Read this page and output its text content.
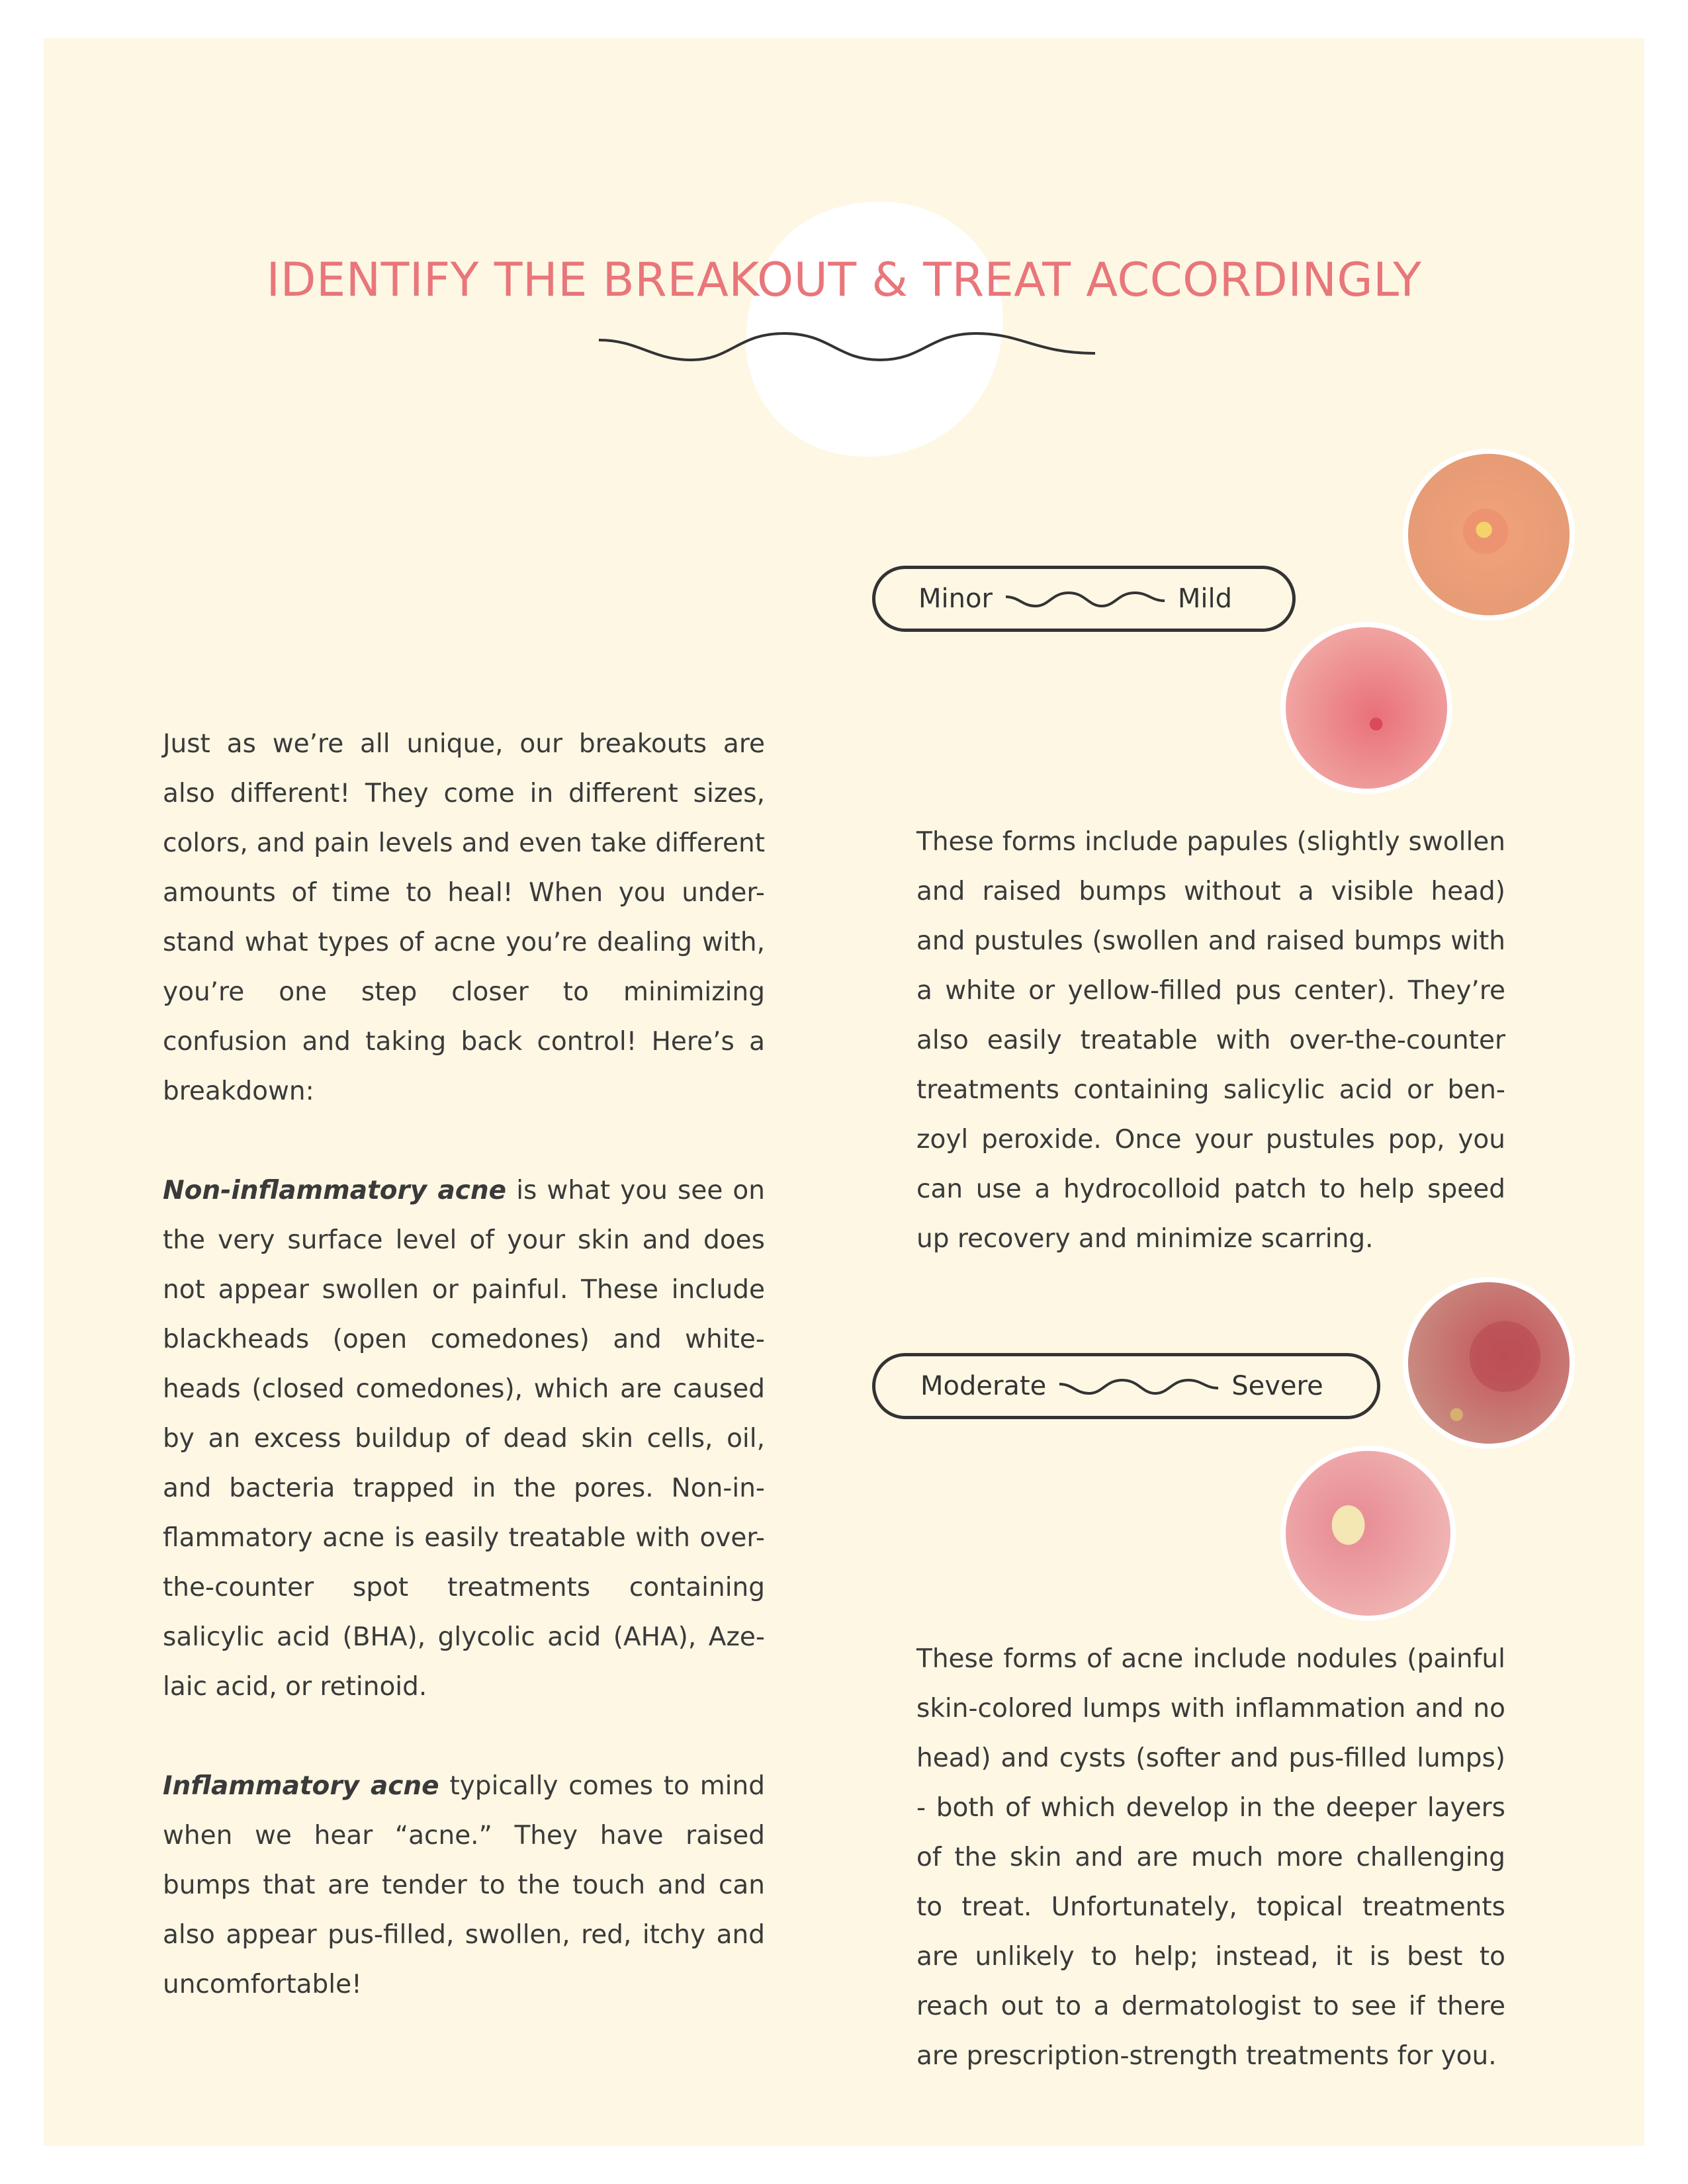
IDENTIFY THE BREAKOUT & TREAT ACCORDINGLY

Just as we’re all unique, our breakouts are also different! They come in different sizes, colors, and pain levels and even take different amounts of time to heal! When you under-stand what types of acne you’re dealing with, you’re one step closer to minimizing confusion and taking back control! Here’s a breakdown:

Non-inflammatory acne is what you see on the very surface level of your skin and does not appear swollen or painful. These include blackheads (open comedones) and white-heads (closed comedones), which are caused by an excess buildup of dead skin cells, oil, and bacteria trapped in the pores. Non-in-flammatory acne is easily treatable with over-the-counter spot treatments containing salicylic acid (BHA), glycolic acid (AHA), Aze-laic acid, or retinoid.

Inflammatory acne typically comes to mind when we hear “acne.” They have raised bumps that are tender to the touch and can also appear pus-filled, swollen, red, itchy and uncomfortable!

Minor	Mild
These forms include papules (slightly swollen and raised bumps without a visible head) and pustules (swollen and raised bumps with a white or yellow-filled pus center). They’re also easily treatable with over-the-counter treatments containing salicylic acid or ben-zoyl peroxide. Once your pustules pop, you can use a hydrocolloid patch to help speed up recovery and minimize scarring.
Moderate	Severe
These forms of acne include nodules (painful skin-colored lumps with inflammation and no head) and cysts (softer and pus-filled lumps) - both of which develop in the deeper layers of the skin and are much more challenging to treat. Unfortunately, topical treatments are unlikely to help; instead, it is best to reach out to a dermatologist to see if there are prescription-strength treatments for you.
